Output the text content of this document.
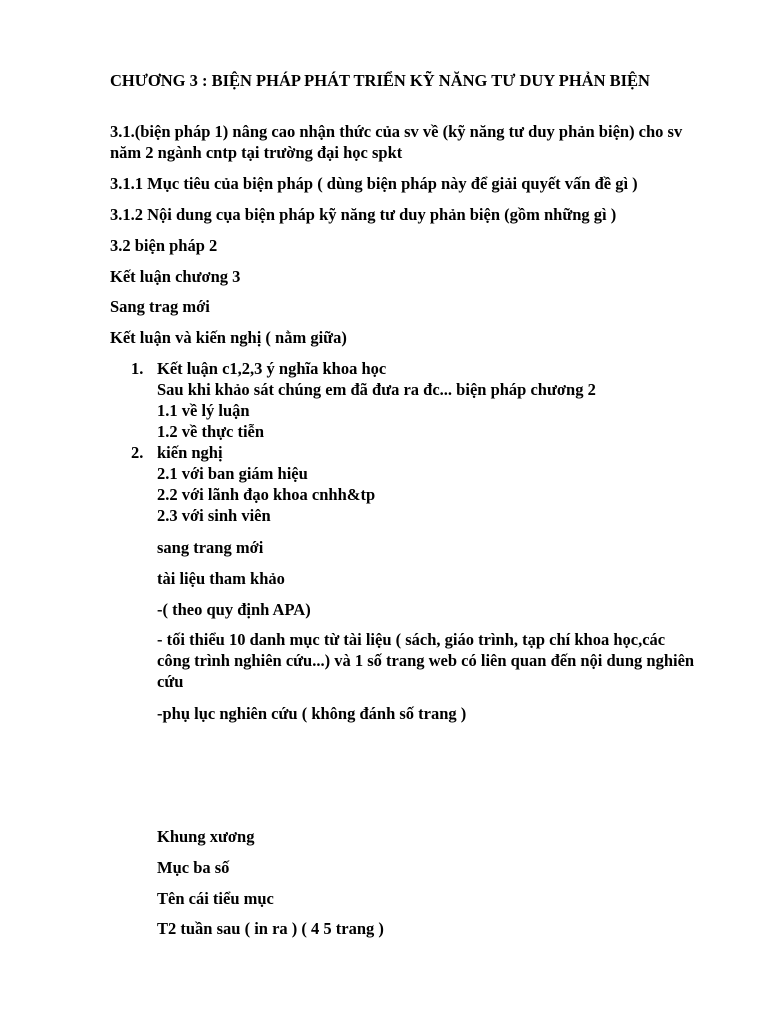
CHƯƠNG 3 : BIỆN PHÁP PHÁT TRIỂN KỸ NĂNG TƯ DUY PHẢN BIỆN

3.1.(biện pháp 1) nâng cao nhận thức của sv về (kỹ năng tư duy phản biện) cho sv năm 2 ngành cntp tại trường đại học spkt

3.1.1 Mục tiêu của biện pháp ( dùng biện pháp này để giải quyết vấn đề gì )

3.1.2 Nội dung cụa biện pháp kỹ năng tư duy phản biện (gồm những gì )

3.2 biện pháp 2

Kết luận chương 3

Sang trag mới

Kết luận và kiến nghị ( nằm giữa)

1. Kết luận c1,2,3 ý nghĩa khoa học
Sau khi khảo sát chúng em đã đưa ra đc... biện pháp chương 2
1.1 về lý luận
1.2 về thực tiễn
2. kiến nghị
2.1 với ban giám hiệu
2.2 với lãnh đạo khoa cnhh&tp
2.3 với sinh viên

sang trang mới

tài liệu tham khảo

-( theo quy định APA)

- tối thiểu 10 danh mục từ tài liệu ( sách, giáo trình, tạp chí khoa học,các công trình nghiên cứu...) và 1 số trang web có liên quan đến nội dung nghiên cứu

-phụ lục nghiên cứu ( không đánh số trang )

Khung xương

Mục ba số

Tên cái tiểu mục

T2 tuần sau ( in ra ) ( 4 5 trang )
